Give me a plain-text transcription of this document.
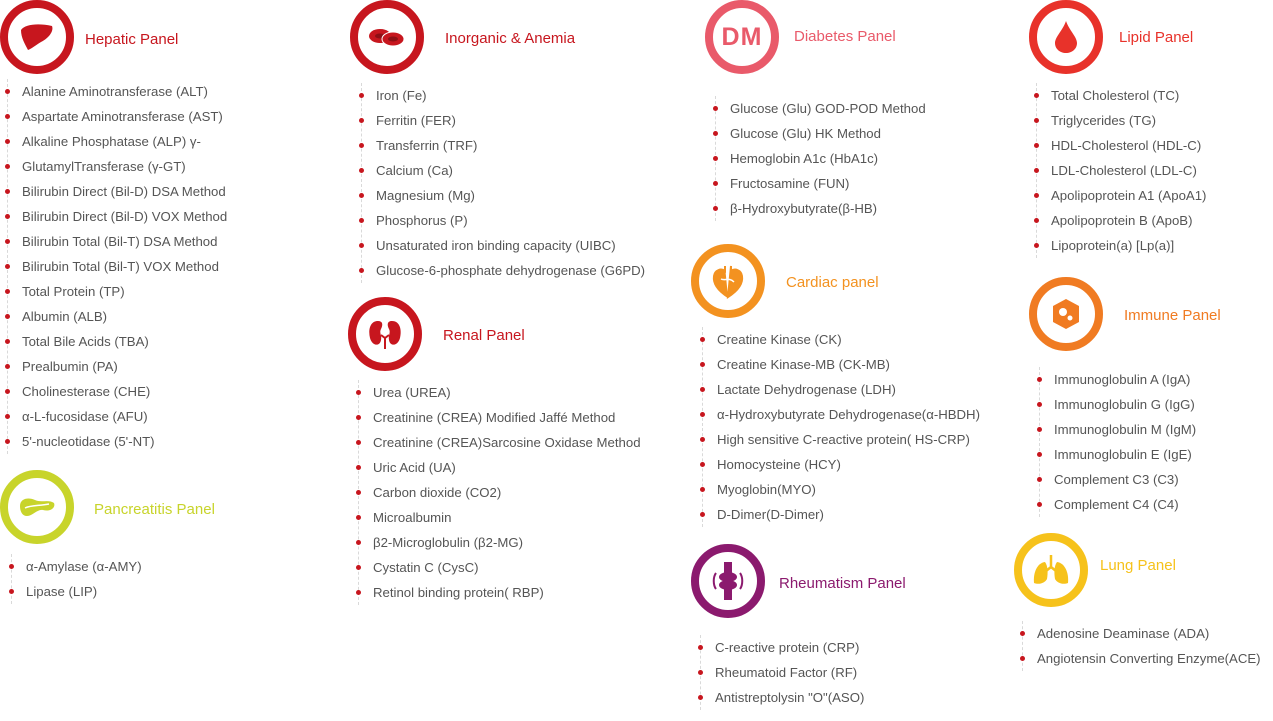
Hepatic Panel
Alanine Aminotransferase (ALT)
Aspartate Aminotransferase (AST)
Alkaline Phosphatase (ALP) γ-
GlutamylTransferase (γ-GT)
Bilirubin Direct (Bil-D) DSA Method
Bilirubin Direct (Bil-D) VOX Method
Bilirubin Total (Bil-T) DSA Method
Bilirubin Total (Bil-T) VOX Method
Total Protein (TP)
Albumin (ALB)
Total Bile Acids (TBA)
Prealbumin (PA)
Cholinesterase (CHE)
α-L-fucosidase (AFU)
5'-nucleotidase (5'-NT)
Pancreatitis Panel
α-Amylase (α-AMY)
Lipase (LIP)
Inorganic & Anemia
Iron (Fe)
Ferritin (FER)
Transferrin (TRF)
Calcium (Ca)
Magnesium (Mg)
Phosphorus (P)
Unsaturated iron binding capacity (UIBC)
Glucose-6-phosphate dehydrogenase (G6PD)
Renal Panel
Urea (UREA)
Creatinine (CREA) Modified Jaffé Method
Creatinine (CREA)Sarcosine Oxidase Method
Uric Acid (UA)
Carbon dioxide (CO2)
Microalbumin
β2-Microglobulin (β2-MG)
Cystatin C (CysC)
Retinol binding protein( RBP)
DM Diabetes Panel
Glucose (Glu) GOD-POD Method
Glucose (Glu) HK Method
Hemoglobin A1c (HbA1c)
Fructosamine (FUN)
β-Hydroxybutyrate(β-HB)
Cardiac panel
Creatine Kinase (CK)
Creatine Kinase-MB (CK-MB)
Lactate Dehydrogenase (LDH)
α-Hydroxybutyrate Dehydrogenase(α-HBDH)
High sensitive C-reactive protein( HS-CRP)
Homocysteine (HCY)
Myoglobin(MYO)
D-Dimer(D-Dimer)
Rheumatism Panel
C-reactive protein (CRP)
Rheumatoid Factor (RF)
Antistreptolysin "O"(ASO)
Lipid Panel
Total Cholesterol (TC)
Triglycerides (TG)
HDL-Cholesterol (HDL-C)
LDL-Cholesterol (LDL-C)
Apolipoprotein A1 (ApoA1)
Apolipoprotein B (ApoB)
Lipoprotein(a) [Lp(a)]
Immune Panel
Immunoglobulin A (IgA)
Immunoglobulin G (IgG)
Immunoglobulin M (IgM)
Immunoglobulin E (IgE)
Complement C3 (C3)
Complement C4 (C4)
Lung Panel
Adenosine Deaminase (ADA)
Angiotensin Converting Enzyme(ACE)
